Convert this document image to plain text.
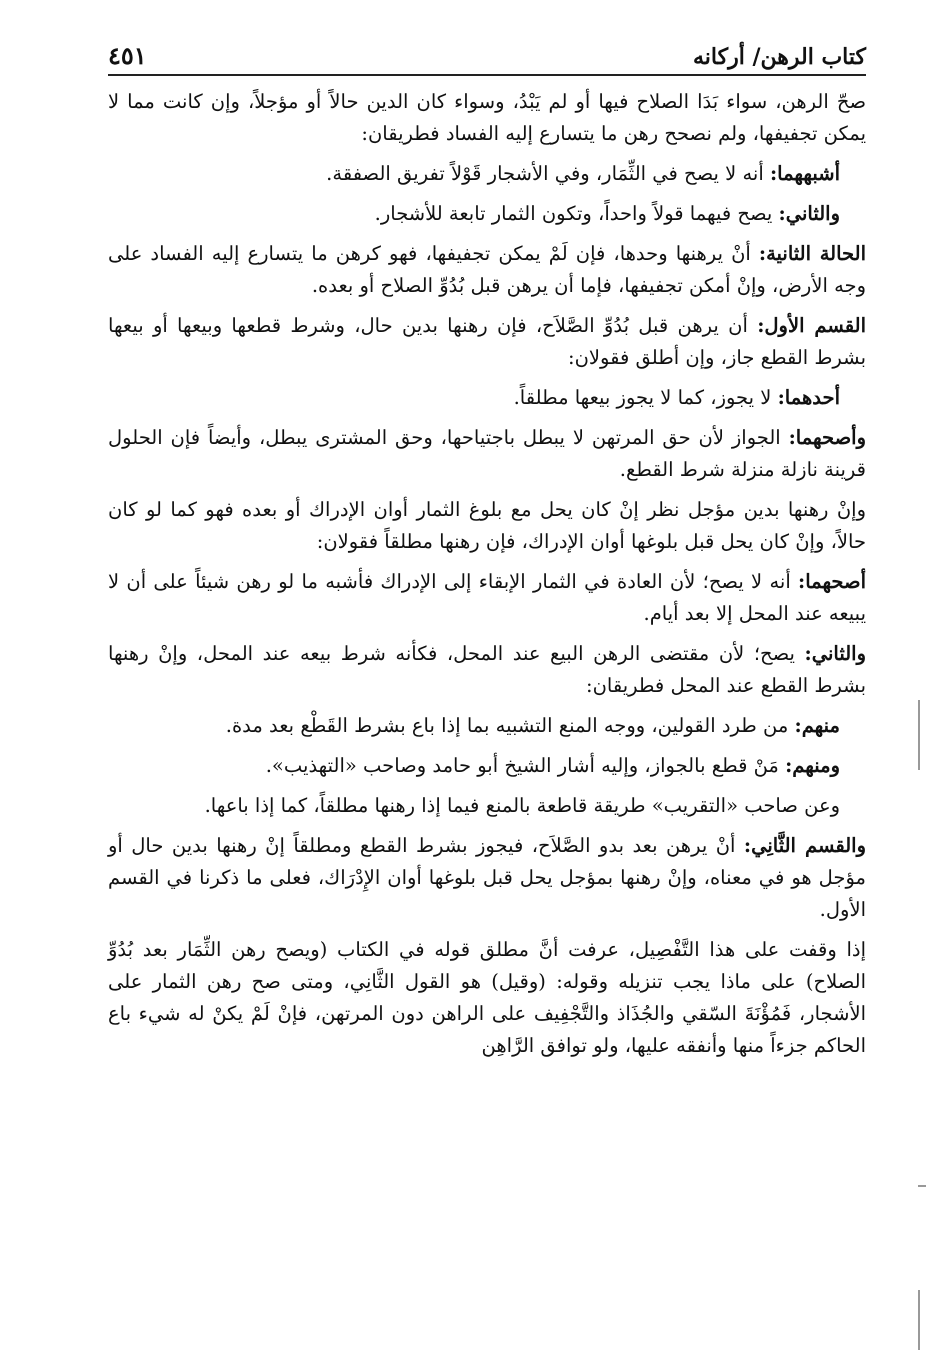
كتاب الرهن/ أركانه
٤٥١

صحّ الرهن، سواء بَدَا الصلاح فيها أو لم يَبْدُ، وسواء كان الدين حالاً أو مؤجلاً، وإن كانت مما لا يمكن تجفيفها، ولم نصحح رهن ما يتسارع إليه الفساد فطريقان:

أشبههما: أنه لا يصح في الثِّمَار، وفي الأشجار قَوْلاً تفريق الصفقة.

والثاني: يصح فيهما قولاً واحداً، وتكون الثمار تابعة للأشجار.

الحالة الثانية: أنْ يرهنها وحدها، فإن لَمْ يمكن تجفيفها، فهو كرهن ما يتسارع إليه الفساد على وجه الأرض، وإنْ أمكن تجفيفها، فإما أن يرهن قبل بُدُوِّ الصلاح أو بعده.

القسم الأول: أن يرهن قبل بُدُوِّ الصَّلاَح، فإن رهنها بدين حال، وشرط قطعها وبيعها أو بيعها بشرط القطع جاز، وإن أطلق فقولان:

أحدهما: لا يجوز، كما لا يجوز بيعها مطلقاً.

وأصحهما: الجواز لأن حق المرتهن لا يبطل باجتياحها، وحق المشترى يبطل، وأيضاً فإن الحلول قرينة نازلة منزلة شرط القطع.

وإنْ رهنها بدين مؤجل نظر إنْ كان يحل مع بلوغ الثمار أوان الإدراك أو بعده فهو كما لو كان حالاً، وإنْ كان يحل قبل بلوغها أوان الإدراك، فإن رهنها مطلقاً فقولان:

أصحهما: أنه لا يصح؛ لأن العادة في الثمار الإبقاء إلى الإدراك فأشبه ما لو رهن شيئاً على أن لا يبيعه عند المحل إلا بعد أيام.

والثاني: يصح؛ لأن مقتضى الرهن البيع عند المحل، فكأنه شرط بيعه عند المحل، وإنْ رهنها بشرط القطع عند المحل فطريقان:

منهم: من طرد القولين، ووجه المنع التشبيه بما إذا باع بشرط القَطْع بعد مدة.

ومنهم: مَنْ قطع بالجواز، وإليه أشار الشيخ أبو حامد وصاحب «التهذيب».

وعن صاحب «التقريب» طريقة قاطعة بالمنع فيما إذا رهنها مطلقاً، كما إذا باعها.

والقسم الثَّانِي: أنْ يرهن بعد بدو الصَّلاَح، فيجوز بشرط القطع ومطلقاً إنْ رهنها بدين حال أو مؤجل هو في معناه، وإنْ رهنها بمؤجل يحل قبل بلوغها أوان الإِدْرَاك، فعلى ما ذكرنا في القسم الأول.

إذا وقفت على هذا التَّفْصِيل، عرفت أنَّ مطلق قوله في الكتاب (ويصح رهن الثِّمَار بعد بُدُوِّ الصلاح) على ماذا يجب تنزيله وقوله: (وقيل) هو القول الثَّانِي، ومتى صح رهن الثمار على الأشجار، فَمُؤْنَةَ السّقي والجُذَاذ والتَّجْفِيف على الراهن دون المرتهن، فإنْ لَمْ يكنْ له شيء باع الحاكم جزءاً منها وأنفقه عليها، ولو توافق الرَّاهِن
